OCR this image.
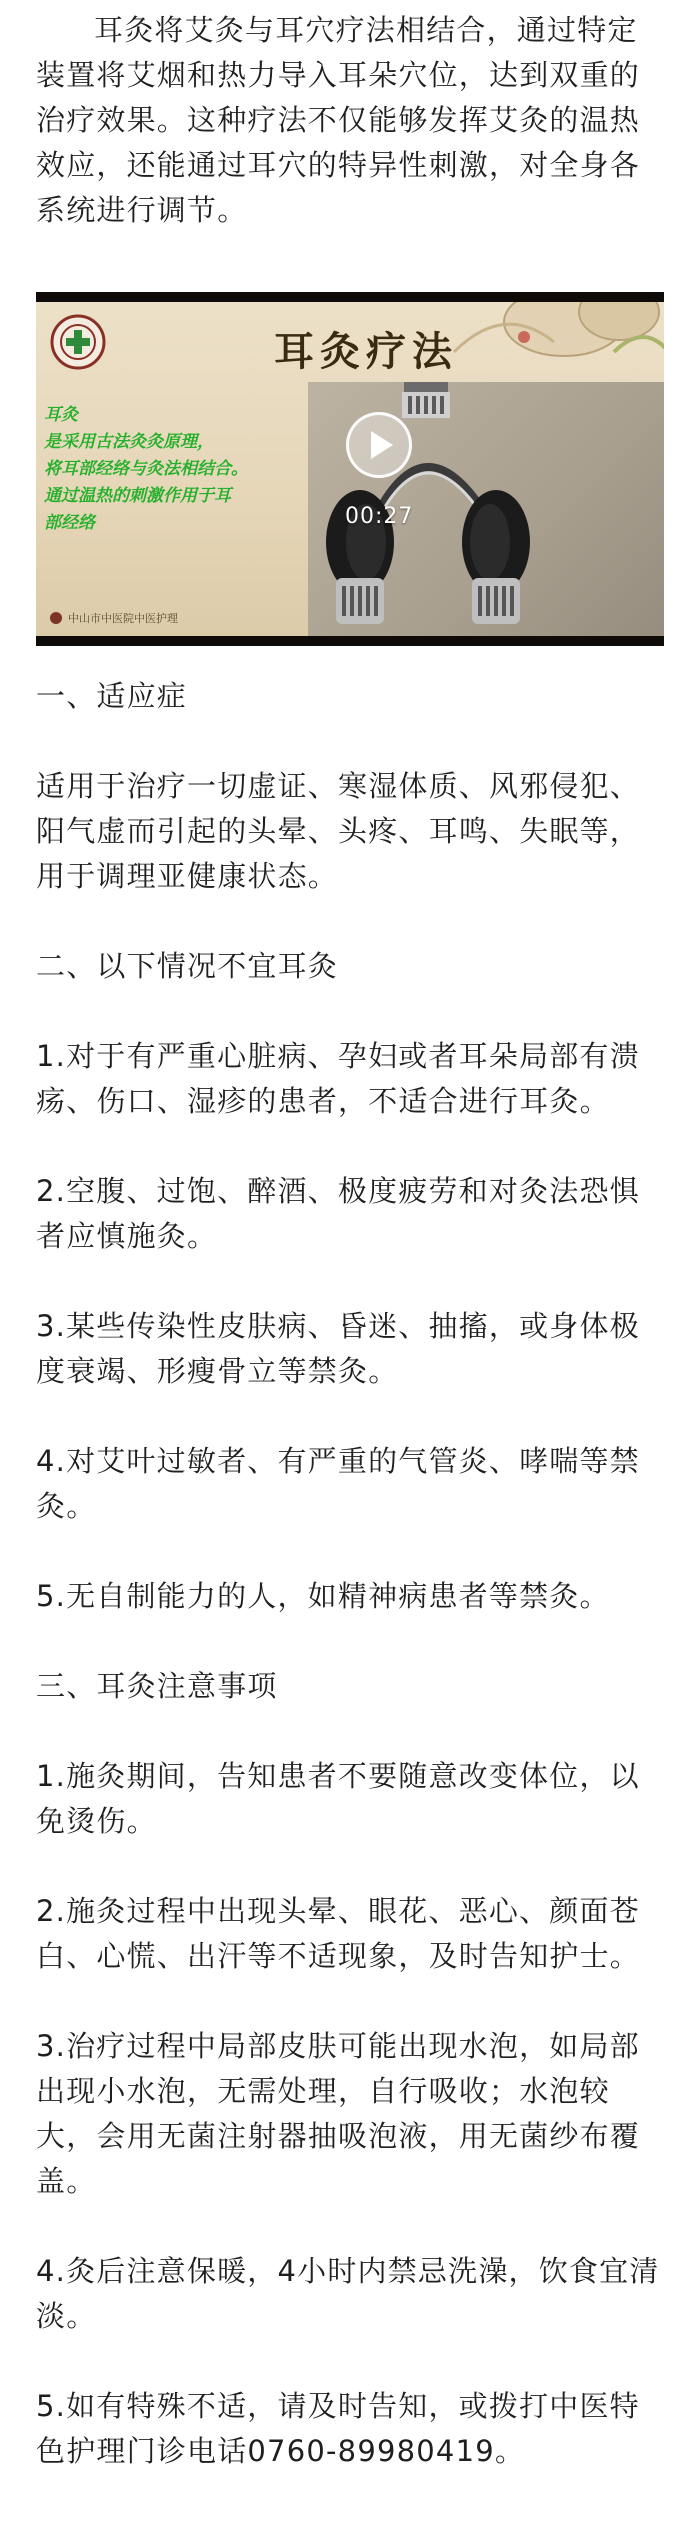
耳灸将艾灸与耳穴疗法相结合，通过特定装置将艾烟和热力导入耳朵穴位，达到双重的治疗效果。这种疗法不仅能够发挥艾灸的温热效应，还能通过耳穴的特异性刺激，对全身各系统进行调节。

耳灸疗法

耳灸

是采用古法灸灸原理，

将耳部经络与灸法相结合。

通过温热的刺激作用于耳

部经络

中山市中医院中医护理
00:27

一、适应症

适用于治疗一切虚证、寒湿体质、风邪侵犯、阳气虚而引起的头晕、头疼、耳鸣、失眠等，用于调理亚健康状态。

二、以下情况不宜耳灸

1.对于有严重心脏病、孕妇或者耳朵局部有溃疡、伤口、湿疹的患者，不适合进行耳灸。

2.空腹、过饱、醉酒、极度疲劳和对灸法恐惧者应慎施灸。

3.某些传染性皮肤病、昏迷、抽搐，或身体极度衰竭、形瘦骨立等禁灸。

4.对艾叶过敏者、有严重的气管炎、哮喘等禁灸。

5.无自制能力的人，如精神病患者等禁灸。

三、耳灸注意事项

1.施灸期间，告知患者不要随意改变体位，以免烫伤。

2.施灸过程中出现头晕、眼花、恶心、颜面苍白、心慌、出汗等不适现象，及时告知护士。

3.治疗过程中局部皮肤可能出现水泡，如局部出现小水泡，无需处理，自行吸收；水泡较大，会用无菌注射器抽吸泡液，用无菌纱布覆盖。

4.灸后注意保暖，4小时内禁忌洗澡，饮食宜清淡。

5.如有特殊不适，请及时告知，或拨打中医特色护理门诊电话0760-89980419。
